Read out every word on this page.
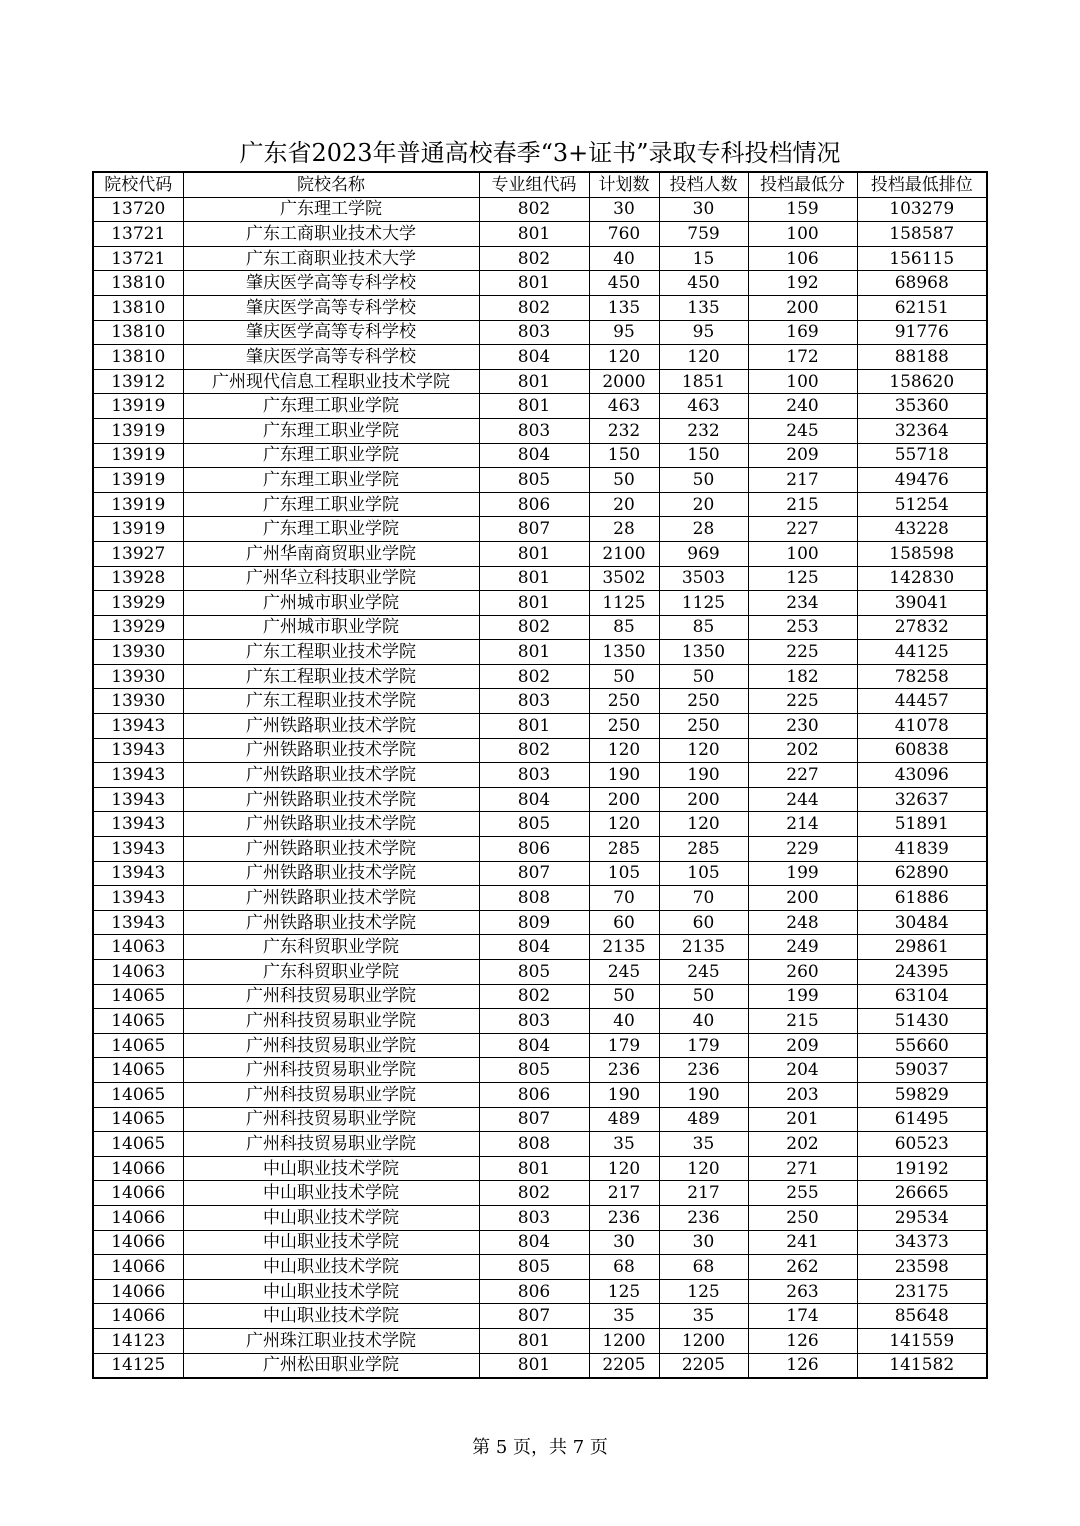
广东省2023年普通高校春季“3+证书”录取专科投档情况
院校代码	院校名称	专业组代码	计划数	投档人数	投档最低分	投档最低排位
13720	广东理工学院	802	30	30	159	103279
13721	广东工商职业技术大学	801	760	759	100	158587
13721	广东工商职业技术大学	802	40	15	106	156115
13810	肇庆医学高等专科学校	801	450	450	192	68968
13810	肇庆医学高等专科学校	802	135	135	200	62151
13810	肇庆医学高等专科学校	803	95	95	169	91776
13810	肇庆医学高等专科学校	804	120	120	172	88188
13912	广州现代信息工程职业技术学院	801	2000	1851	100	158620
13919	广东理工职业学院	801	463	463	240	35360
13919	广东理工职业学院	803	232	232	245	32364
13919	广东理工职业学院	804	150	150	209	55718
13919	广东理工职业学院	805	50	50	217	49476
13919	广东理工职业学院	806	20	20	215	51254
13919	广东理工职业学院	807	28	28	227	43228
13927	广州华南商贸职业学院	801	2100	969	100	158598
13928	广州华立科技职业学院	801	3502	3503	125	142830
13929	广州城市职业学院	801	1125	1125	234	39041
13929	广州城市职业学院	802	85	85	253	27832
13930	广东工程职业技术学院	801	1350	1350	225	44125
13930	广东工程职业技术学院	802	50	50	182	78258
13930	广东工程职业技术学院	803	250	250	225	44457
13943	广州铁路职业技术学院	801	250	250	230	41078
13943	广州铁路职业技术学院	802	120	120	202	60838
13943	广州铁路职业技术学院	803	190	190	227	43096
13943	广州铁路职业技术学院	804	200	200	244	32637
13943	广州铁路职业技术学院	805	120	120	214	51891
13943	广州铁路职业技术学院	806	285	285	229	41839
13943	广州铁路职业技术学院	807	105	105	199	62890
13943	广州铁路职业技术学院	808	70	70	200	61886
13943	广州铁路职业技术学院	809	60	60	248	30484
14063	广东科贸职业学院	804	2135	2135	249	29861
14063	广东科贸职业学院	805	245	245	260	24395
14065	广州科技贸易职业学院	802	50	50	199	63104
14065	广州科技贸易职业学院	803	40	40	215	51430
14065	广州科技贸易职业学院	804	179	179	209	55660
14065	广州科技贸易职业学院	805	236	236	204	59037
14065	广州科技贸易职业学院	806	190	190	203	59829
14065	广州科技贸易职业学院	807	489	489	201	61495
14065	广州科技贸易职业学院	808	35	35	202	60523
14066	中山职业技术学院	801	120	120	271	19192
14066	中山职业技术学院	802	217	217	255	26665
14066	中山职业技术学院	803	236	236	250	29534
14066	中山职业技术学院	804	30	30	241	34373
14066	中山职业技术学院	805	68	68	262	23598
14066	中山职业技术学院	806	125	125	263	23175
14066	中山职业技术学院	807	35	35	174	85648
14123	广州珠江职业技术学院	801	1200	1200	126	141559
14125	广州松田职业学院	801	2205	2205	126	141582
第 5 页，共 7 页
